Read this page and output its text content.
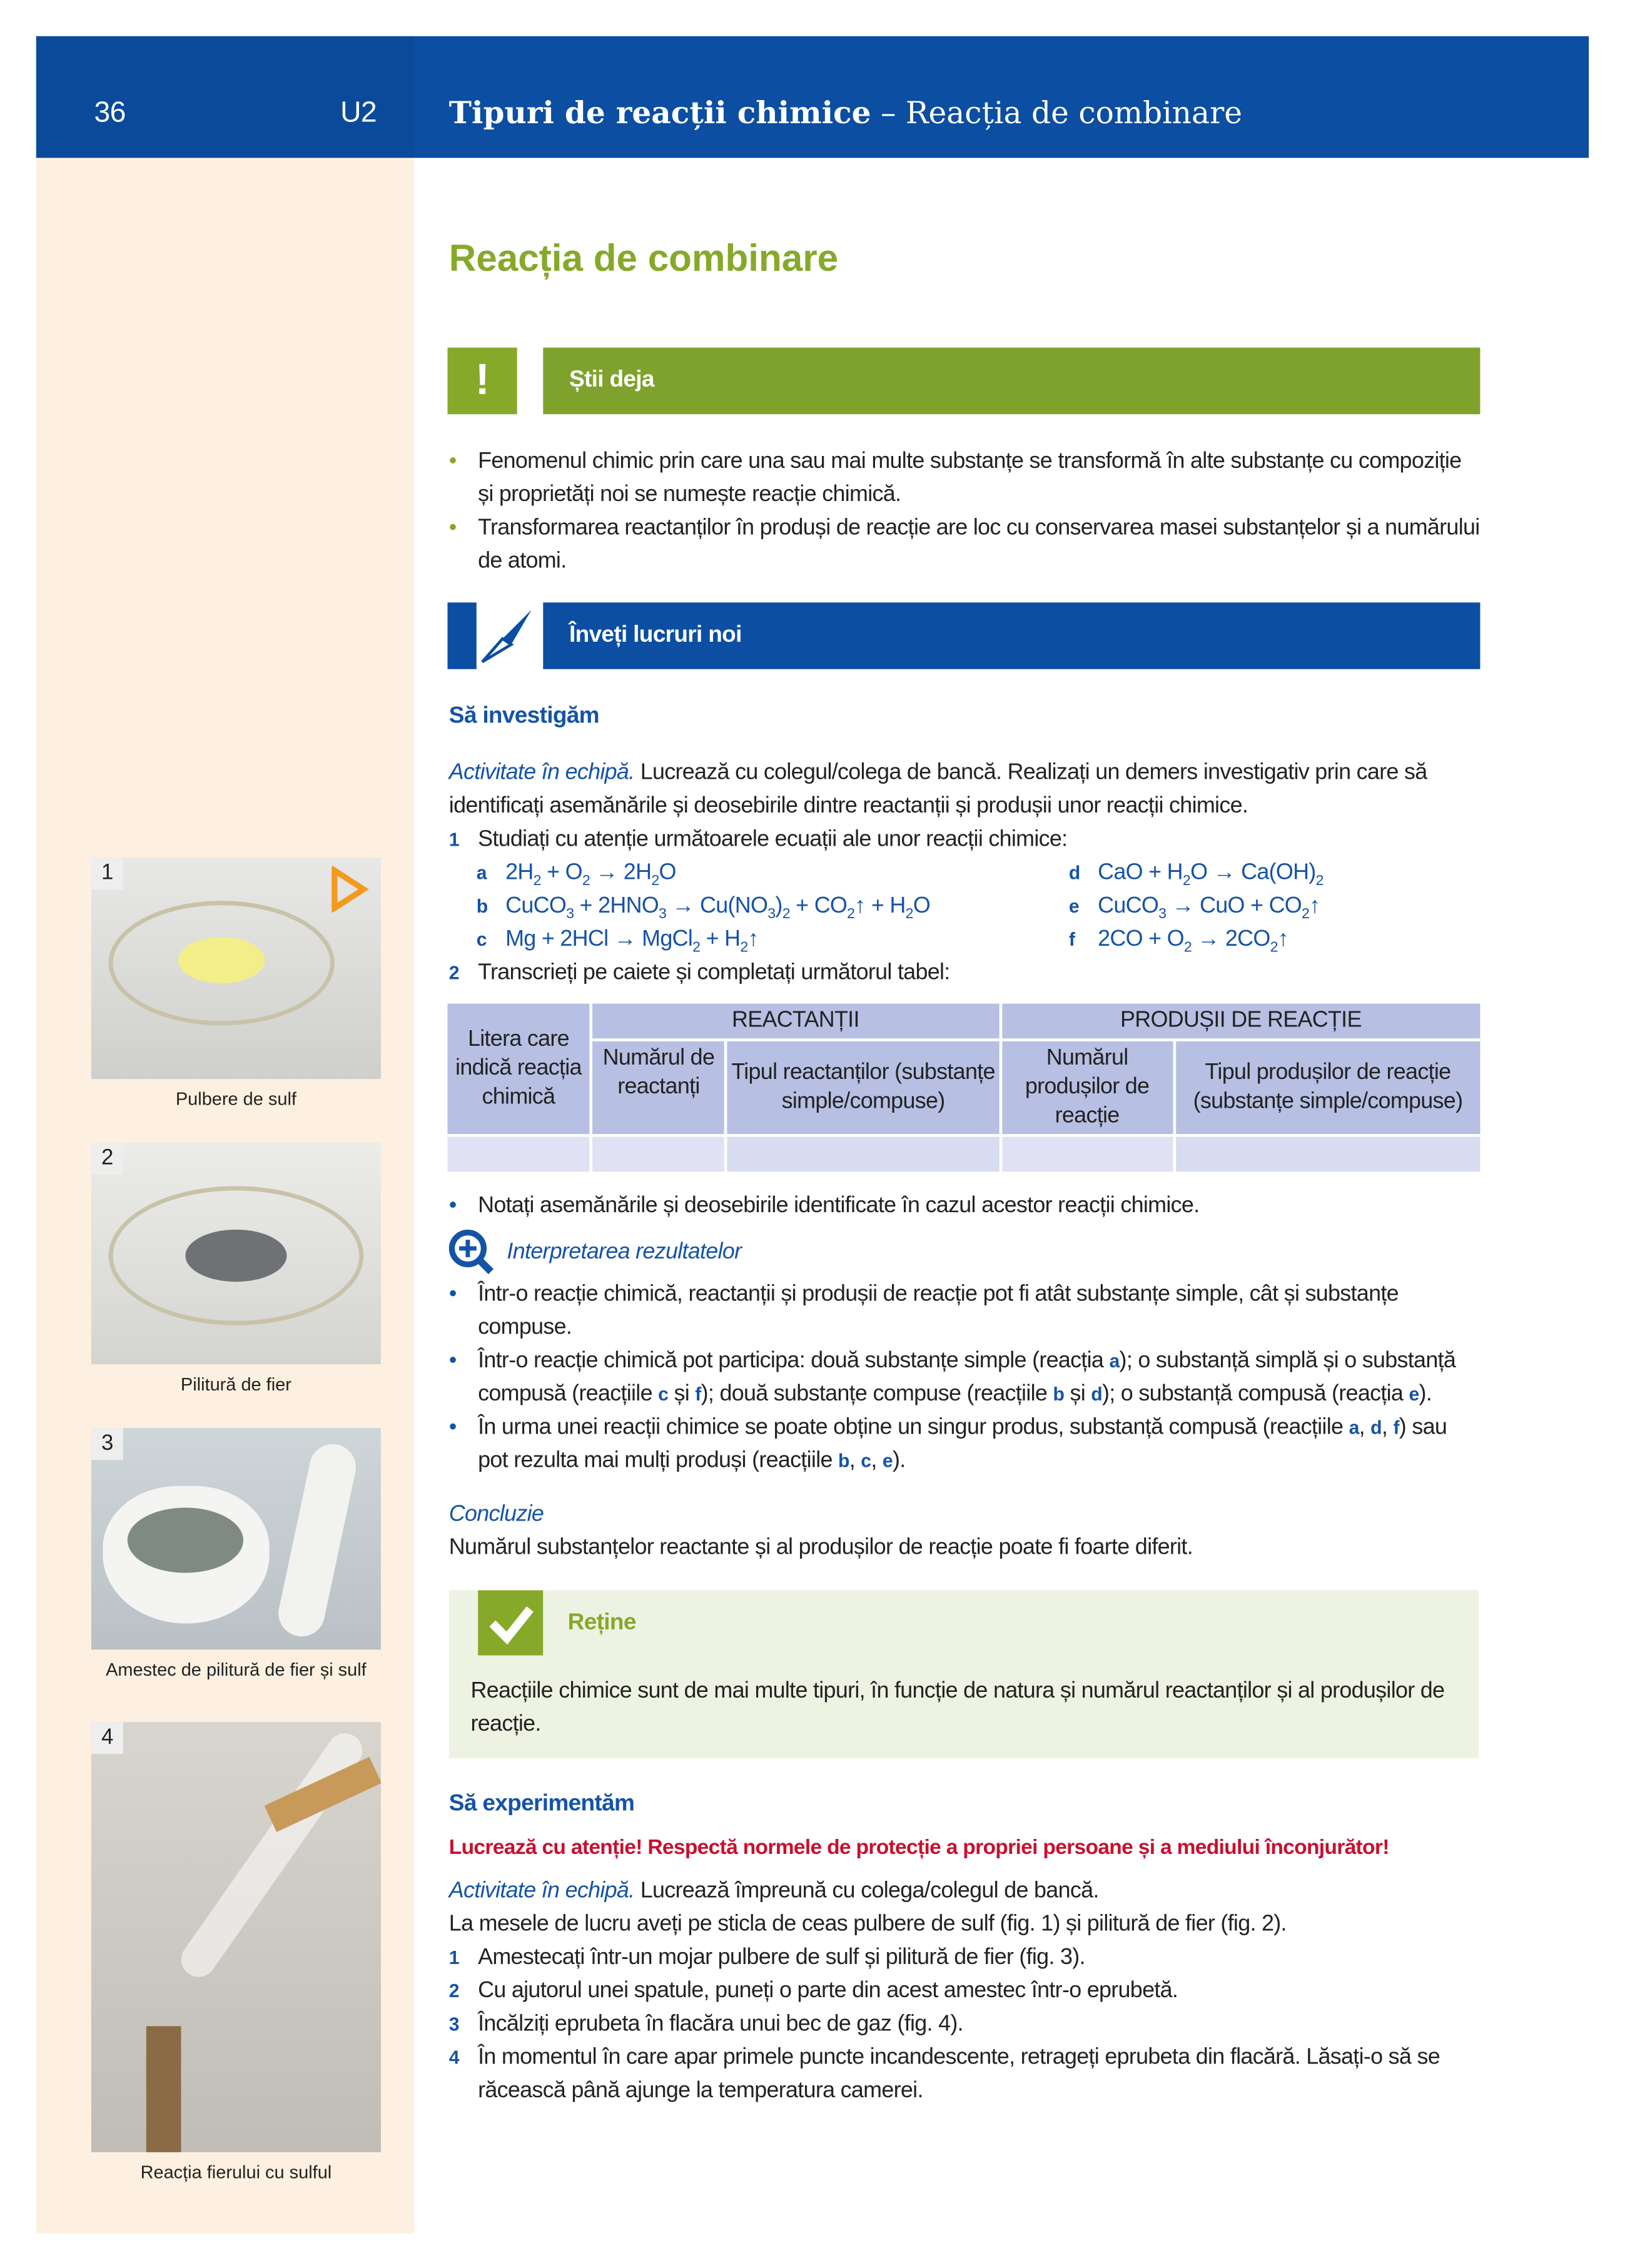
36	U2	Tipuri de reacții chimice – Reacția de combinare
1
Pulbere de sulf
2
Pilitură de fier
3
Amestec de pilitură de fier și sulf
4
Reacția fierului cu sulful
Reacția de combinare
!	Știi deja
• Fenomenul chimic prin care una sau mai multe substanțe se transformă în alte substanțe cu compoziție și proprietăți noi se numește reacție chimică.
• Transformarea reactanților în produși de reacție are loc cu conservarea masei substanțelor și a numărului de atomi.
Înveți lucruri noi
Să investigăm
Activitate în echipă. Lucrează cu colegul/colega de bancă. Realizați un demers investigativ prin care să identificați asemănările și deosebirile dintre reactanții și produșii unor reacții chimice.
1 Studiați cu atenție următoarele ecuații ale unor reacții chimice:
a $2H_2 + O_2 \to 2H_2O$
b CuCO$_3$ + $2HNO_3 \to Cu(NO_3)_2$ + $CO_2↑ + H_2O$
c Mg + 2HCl → MgCl$_2$ + $H_2↑$
d CaO + $H_2O \to Ca(OH)_2$
e CuCO$_3$ → CuO + $CO_2↑$
f $2CO + O_2$ → $2CO_2↑$
2 Transcrieți pe caiete și completați următorul tabel:
Litera care indică reacția chimică	REACTANȚII		PRODUȘII DE REACȚIE	
	Numărul de reactanți	Tipul reactanților (substanțe simple/compuse)	Numărul produșilor de reacție	Tipul produșilor de reacție (substanțe simple/compuse)

• Notați asemănările și deosebirile identificate în cazul acestor reacții chimice.
Interpretarea rezultatelor
• Într-o reacție chimică, reactanții și produșii de reacție pot fi atât substanțe simple, cât și substanțe compuse.
• Într-o reacție chimică pot participa: două substanțe simple (reacția a); o substanță simplă și o substanță compusă (reacțiile c și f); două substanțe compuse (reacțiile b și d); o substanță compusă (reacția e).
• În urma unei reacții chimice se poate obține un singur produs, substanță compusă (reacțiile a, d, f) sau pot rezulta mai mulți produși (reacțiile b, c, e).
Concluzie
Numărul substanțelor reactante și al produșilor de reacție poate fi foarte diferit.
Reține
Reacțiile chimice sunt de mai multe tipuri, în funcție de natura și numărul reactanților și al produșilor de reacție.
Să experimentăm
Lucrează cu atenție! Respectă normele de protecție a propriei persoane și a mediului înconjurător!
Activitate în echipă. Lucrează împreună cu colega/colegul de bancă.
La mesele de lucru aveți pe sticla de ceas pulbere de sulf (fig. 1) și pilitură de fier (fig. 2).
1 Amestecați într-un mojar pulbere de sulf și pilitură de fier (fig. 3).
2 Cu ajutorul unei spatule, puneți o parte din acest amestec într-o eprubetă.
3 Încălziți eprubeta în flacăra unui bec de gaz (fig. 4).
4 În momentul în care apar primele puncte incandescente, retrageți eprubeta din flacără. Lăsați-o să se răcească până ajunge la temperatura camerei.
